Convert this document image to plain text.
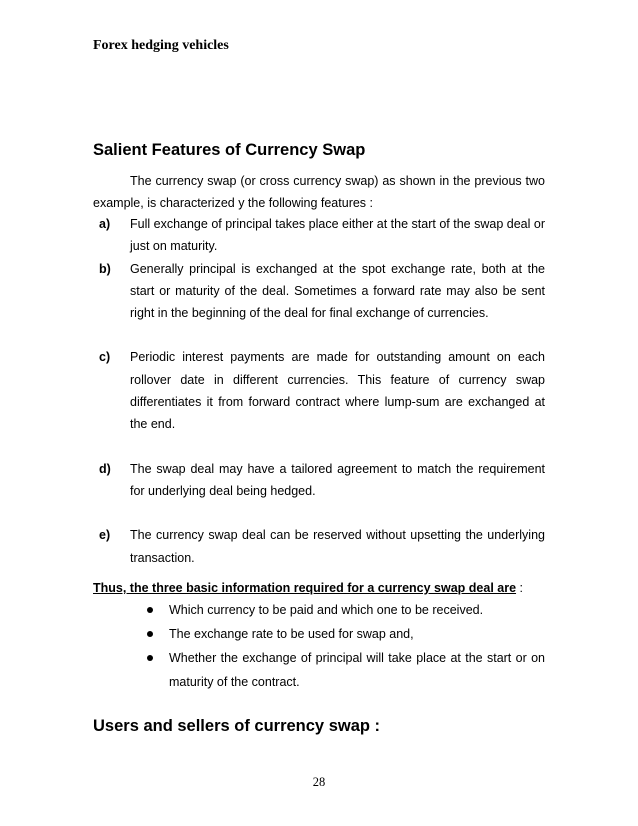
Forex hedging vehicles
Salient Features of Currency Swap

The currency swap (or cross currency swap) as shown in the previous two example, is characterized y the following features :

a) Full exchange of principal takes place either at the start of the swap deal or just on maturity.
b) Generally principal is exchanged at the spot exchange rate, both at the start or maturity of the deal. Sometimes a forward rate may also be sent right in the beginning of the deal for final exchange of currencies.
c) Periodic interest payments are made for outstanding amount on each rollover date in different currencies. This feature of currency swap differentiates it from forward contract where lump-sum are exchanged at the end.
d) The swap deal may have a tailored agreement to match the requirement for underlying deal being hedged.
e) The currency swap deal can be reserved without upsetting the underlying transaction.
Thus, the three basic information required for a currency swap deal are :
Which currency to be paid and which one to be received.
The exchange rate to be used for swap and,
Whether the exchange of principal will take place at the start or on maturity of the contract.
Users and sellers of currency swap :
28
